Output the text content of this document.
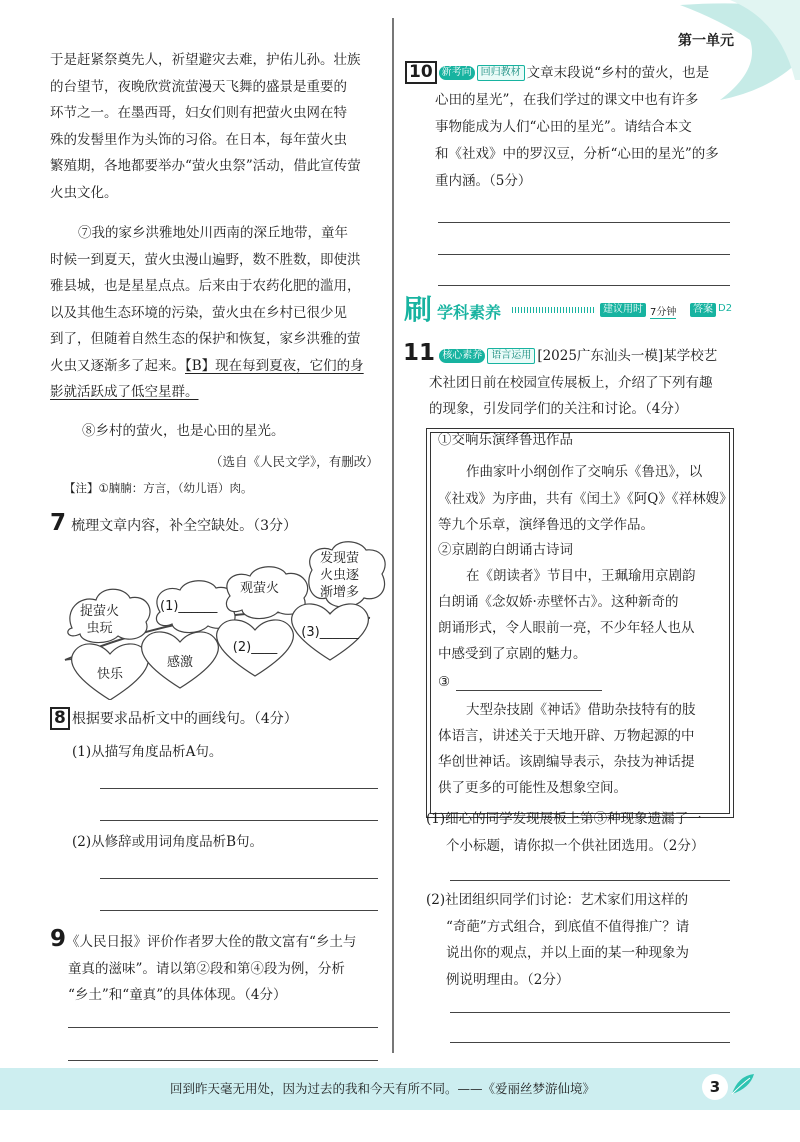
第一单元
于是赶紧祭奠先人，祈望避灾去难，护佑儿孙。壮族
的台望节，夜晚欣赏流萤漫天飞舞的盛景是重要的
环节之一。在墨西哥，妇女们则有把萤火虫网在特
殊的发髻里作为头饰的习俗。在日本，每年萤火虫
繁殖期，各地都要举办“萤火虫祭”活动，借此宣传萤
火虫文化。
⑦我的家乡洪雅地处川西南的深丘地带，童年
时候一到夏天，萤火虫漫山遍野，数不胜数，即使洪
雅县城，也是星星点点。后来由于农药化肥的滥用，
以及其他生态环境的污染，萤火虫在乡村已很少见
到了，但随着自然生态的保护和恢复，家乡洪雅的萤
火虫又逐渐多了起来。【B】现在每到夏夜，它们的身
影就活跃成了低空星群。
⑧乡村的萤火，也是心田的星光。
（选自《人民文学》，有删改）
【注】①腩腩：方言，（幼儿语）肉。
7 梳理文章内容，补全空缺处。（3分）
捉萤火
虫玩
(1)______
观萤火
发现萤
火虫逐
渐增多
快乐
感激
(2)____
(3)______
8 根据要求品析文中的画线句。（4分）
(1)从描写角度品析A句。
(2)从修辞或用词角度品析B句。
9《人民日报》评价作者罗大佺的散文富有“乡土与
童真的滋味”。请以第②段和第④段为例，分析
“乡土”和“童真”的具体体现。（4分）
10 新考向 回归教材 文章末段说“乡村的萤火，也是
心田的星光”，在我们学过的课文中也有许多
事物能成为人们“心田的星光”。请结合本文
和《社戏》中的罗汉豆，分析“心田的星光”的多
重内涵。（5分）
刷 学科素养	建议用时 7分钟	答案 D2
11 核心素养 语言运用 [2025广东汕头一模]某学校艺
术社团日前在校园宣传展板上，介绍了下列有趣
的现象，引发同学们的关注和讨论。（4分）
①交响乐演绎鲁迅作品
作曲家叶小纲创作了交响乐《鲁迅》，以
《社戏》为序曲，共有《闰土》《阿Q》《祥林嫂》
等九个乐章，演绎鲁迅的文学作品。
②京剧韵白朗诵古诗词
在《朗读者》节目中，王珮瑜用京剧韵
白朗诵《念奴娇·赤壁怀古》。这种新奇的
朗诵形式，令人眼前一亮，不少年轻人也从
中感受到了京剧的魅力。
③
大型杂技剧《神话》借助杂技特有的肢
体语言，讲述关于天地开辟、万物起源的中
华创世神话。该剧编导表示，杂技为神话提
供了更多的可能性及想象空间。
(1)细心的同学发现展板上第③种现象遗漏了一
个小标题，请你拟一个供社团选用。（2分）
(2)社团组织同学们讨论：艺术家们用这样的
“奇葩”方式组合，到底值不值得推广？请
说出你的观点，并以上面的某一种现象为
例说明理由。（2分）
回到昨天毫无用处，因为过去的我和今天有所不同。——《爱丽丝梦游仙境》	3
